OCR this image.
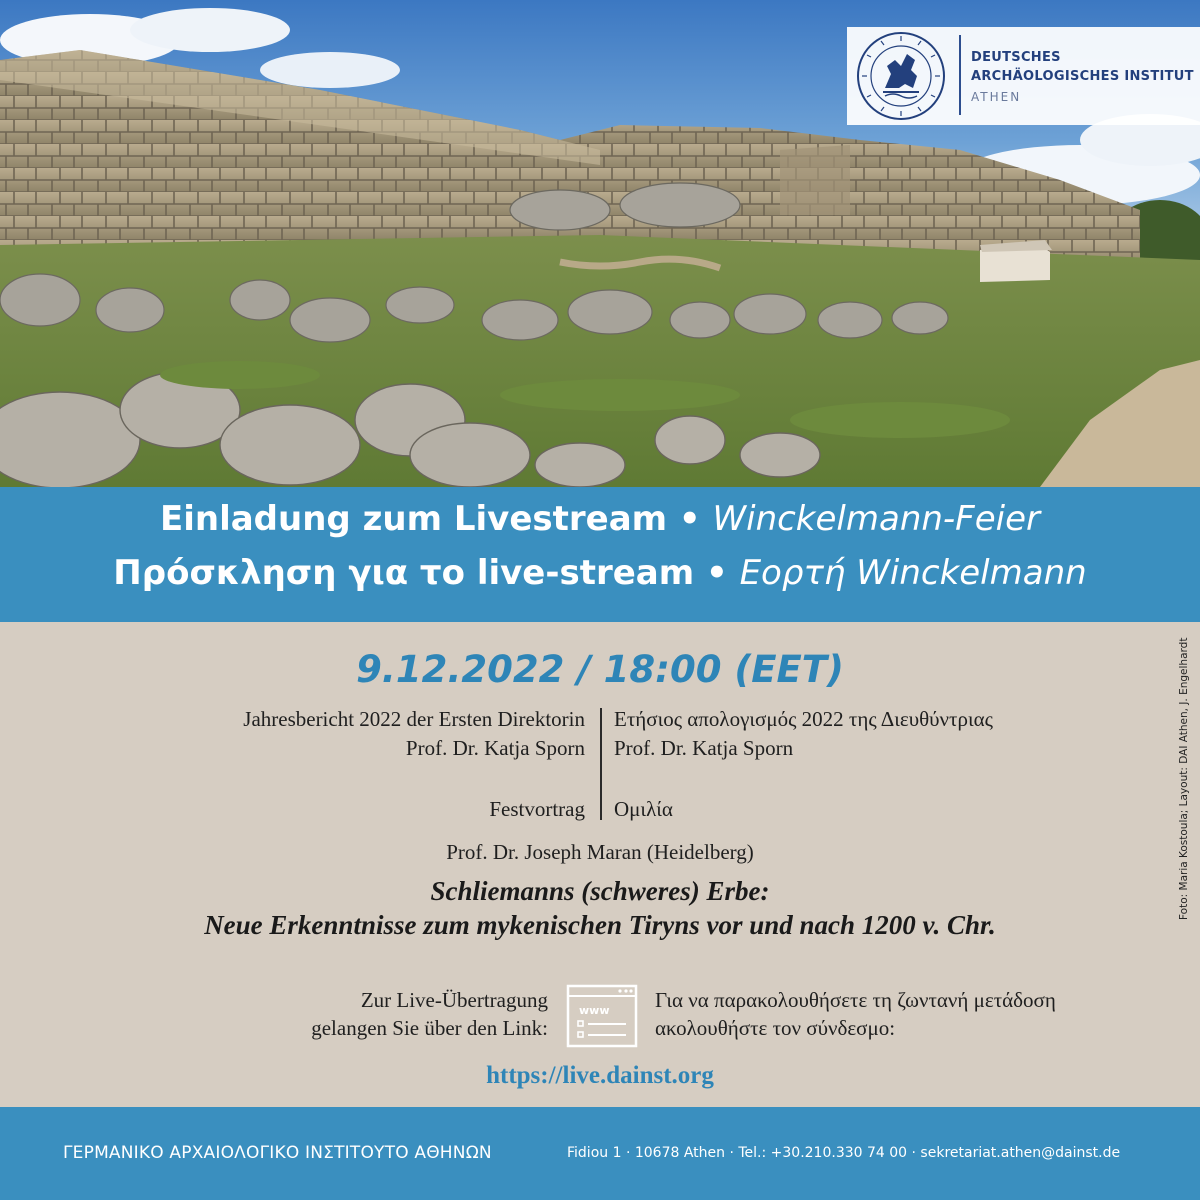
DEUTSCHES
ARCHÄOLOGISCHES INSTITUT
ATHEN
Einladung zum Livestream • Winckelmann-Feier
Πρόσκληση για το live-stream • Εορτή Winckelmann
9.12.2022 / 18:00 (EET)
Jahresbericht 2022 der Ersten Direktorin
Prof. Dr. Katja Sporn
Ετήσιος απολογισμός 2022 της Διευθύντριας
Prof. Dr. Katja Sporn
Festvortrag Ομιλία
Prof. Dr. Joseph Maran (Heidelberg)
Schliemanns (schweres) Erbe:
Neue Erkenntnisse zum mykenischen Tiryns vor und nach 1200 v. Chr.
Zur Live-Übertragung
gelangen Sie über den Link:
www Για να παρακολουθήσετε τη ζωντανή μετάδοση
ακολουθήστε τον σύνδεσμο:
https://live.dainst.org
Foto: Maria Kostoula; Layout: DAI Athen, J. Engelhardt
ΓΕΡΜΑΝΙΚΟ ΑΡΧΑΙΟΛΟΓΙΚΟ ΙΝΣΤΙΤΟΥΤΟ ΑΘΗΝΩΝ	Fidiou 1 · 10678 Athen · Tel.: +30.210.330 74 00 · sekretariat.athen@dainst.de
